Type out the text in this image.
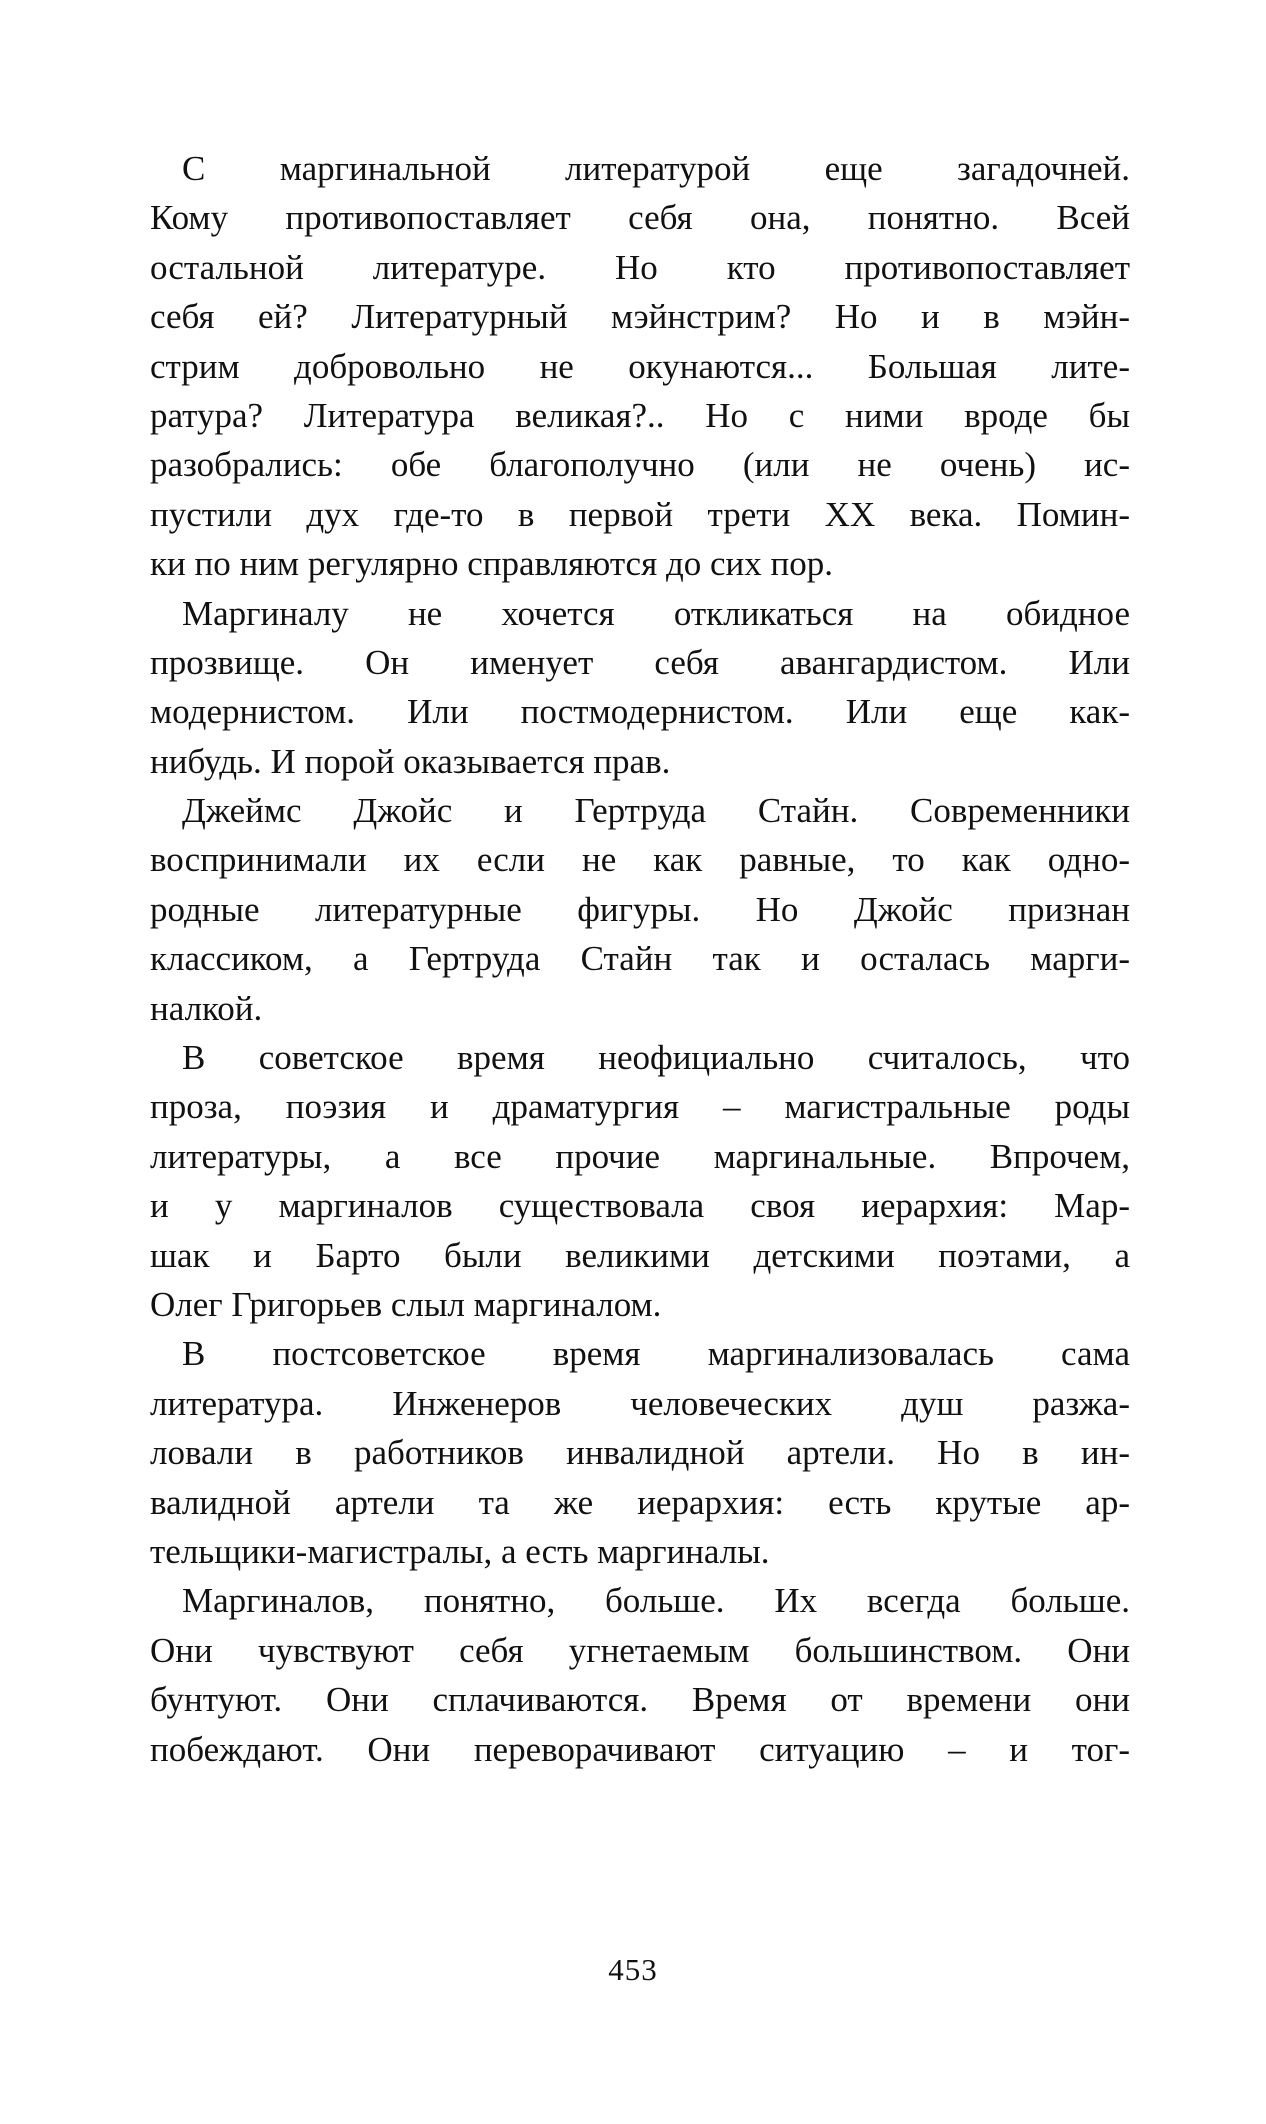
С маргинальной литературой еще загадочней.
Кому противопоставляет себя она, понятно. Всей
остальной литературе. Но кто противопоставляет
себя ей? Литературный мэйнстрим? Но и в мэйн-
стрим добровольно не окунаются... Большая лите-
ратура? Литература великая?.. Но с ними вроде бы
разобрались: обе благополучно (или не очень) ис-
пустили дух где-то в первой трети XX века. Помин-
ки по ним регулярно справляются до сих пор.
Маргиналу не хочется откликаться на обидное
прозвище. Он именует себя авангардистом. Или
модернистом. Или постмодернистом. Или еще как-
нибудь. И порой оказывается прав.
Джеймс Джойс и Гертруда Стайн. Современники
воспринимали их если не как равные, то как одно-
родные литературные фигуры. Но Джойс признан
классиком, а Гертруда Стайн так и осталась марги-
налкой.
В советское время неофициально считалось, что
проза, поэзия и драматургия – магистральные роды
литературы, а все прочие маргинальные. Впрочем,
и у маргиналов существовала своя иерархия: Мар-
шак и Барто были великими детскими поэтами, а
Олег Григорьев слыл маргиналом.
В постсоветское время маргинализовалась сама
литература. Инженеров человеческих душ разжа-
ловали в работников инвалидной артели. Но в ин-
валидной артели та же иерархия: есть крутые ар-
тельщики-магистралы, а есть маргиналы.
Маргиналов, понятно, больше. Их всегда больше.
Они чувствуют себя угнетаемым большинством. Они
бунтуют. Они сплачиваются. Время от времени они
побеждают. Они переворачивают ситуацию – и тог-
453
